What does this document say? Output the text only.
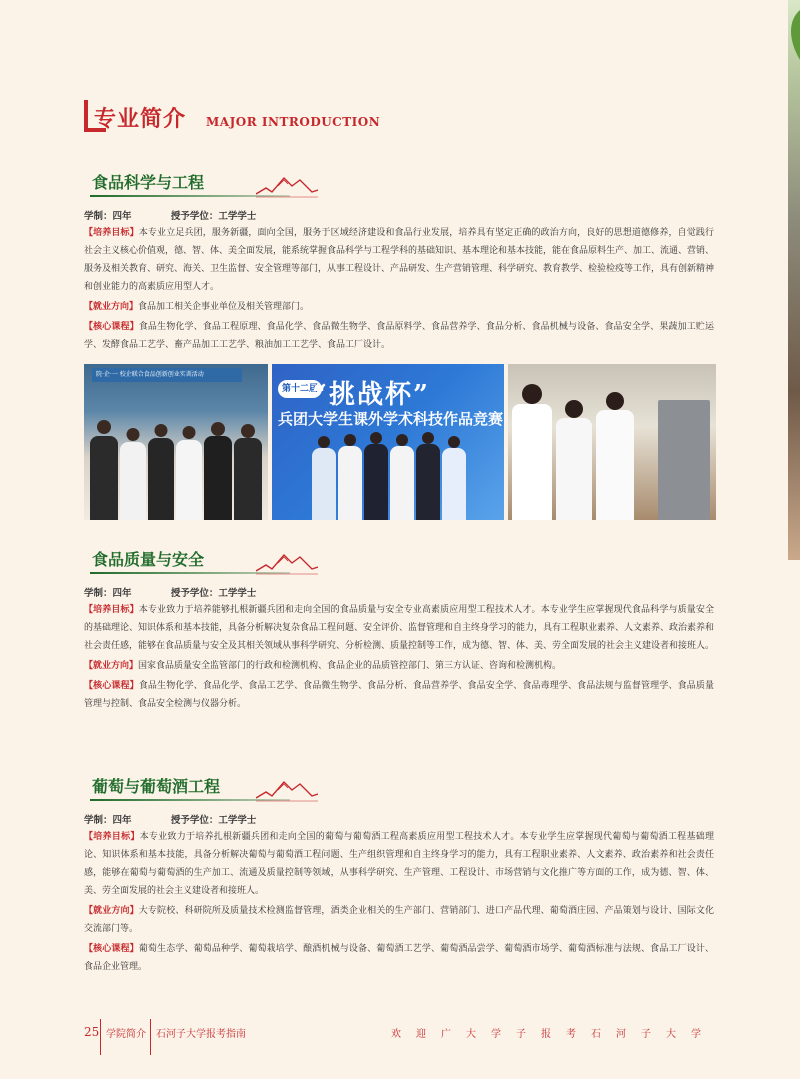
专业简介 MAJOR INTRODUCTION
食品科学与工程
学制：四年	授予学位：工学学士
【培养目标】本专业立足兵团，服务新疆，面向全国，服务于区域经济建设和食品行业发展，培养具有坚定正确的政治方向，良好的思想道德修养，自觉践行社会主义核心价值观，德、智、体、美全面发展，能系统掌握食品科学与工程学科的基础知识、基本理论和基本技能，能在食品原料生产、加工、流通、营销、服务及相关教育、研究、海关、卫生监督、安全管理等部门，从事工程设计、产品研发、生产营销管理、科学研究、教育教学、检验检疫等工作，具有创新精神和创业能力的高素质应用型人才。
【就业方向】食品加工相关企事业单位及相关管理部门。
【核心课程】食品生物化学、食品工程原理、食品化学、食品微生物学、食品原料学、食品营养学、食品分析、食品机械与设备、食品安全学、果蔬加工贮运学、发酵食品工艺学、畜产品加工工艺学、粮油加工工艺学、食品工厂设计。
院·企·一 校企联合食品创新创业实训活动
第十二届
“挑战杯”
兵团大学生课外学术科技作品竞赛
食品质量与安全
学制：四年	授予学位：工学学士
【培养目标】本专业致力于培养能够扎根新疆兵团和走向全国的食品质量与安全专业高素质应用型工程技术人才。本专业学生应掌握现代食品科学与质量安全的基础理论、知识体系和基本技能，具备分析解决复杂食品工程问题、安全评价、监督管理和自主终身学习的能力，具有工程职业素养、人文素养、政治素养和社会责任感，能够在食品质量与安全及其相关领域从事科学研究、分析检测、质量控制等工作，成为德、智、体、美、劳全面发展的社会主义建设者和接班人。
【就业方向】国家食品质量安全监管部门的行政和检测机构、食品企业的品质管控部门、第三方认证、咨询和检测机构。
【核心课程】食品生物化学、食品化学、食品工艺学、食品微生物学、食品分析、食品营养学、食品安全学、食品毒理学、食品法规与监督管理学、食品质量管理与控制、食品安全检测与仪器分析。
葡萄与葡萄酒工程
学制：四年	授予学位：工学学士
【培养目标】本专业致力于培养扎根新疆兵团和走向全国的葡萄与葡萄酒工程高素质应用型工程技术人才。本专业学生应掌握现代葡萄与葡萄酒工程基础理论、知识体系和基本技能，具备分析解决葡萄与葡萄酒工程问题、生产组织管理和自主终身学习的能力，具有工程职业素养、人文素养、政治素养和社会责任感，能够在葡萄与葡萄酒的生产加工、流通及质量控制等领域，从事科学研究、生产管理、工程设计、市场营销与文化推广等方面的工作，成为德、智、体、美、劳全面发展的社会主义建设者和接班人。
【就业方向】大专院校、科研院所及质量技术检测监督管理，酒类企业相关的生产部门、营销部门、进口产品代理、葡萄酒庄园、产品策划与设计、国际文化交流部门等。
【核心课程】葡萄生态学、葡萄品种学、葡萄栽培学、酿酒机械与设备、葡萄酒工艺学、葡萄酒品尝学、葡萄酒市场学、葡萄酒标准与法规、食品工厂设计、食品企业管理。
25 学院简介 石河子大学报考指南	欢迎广大学子报考石河子大学
